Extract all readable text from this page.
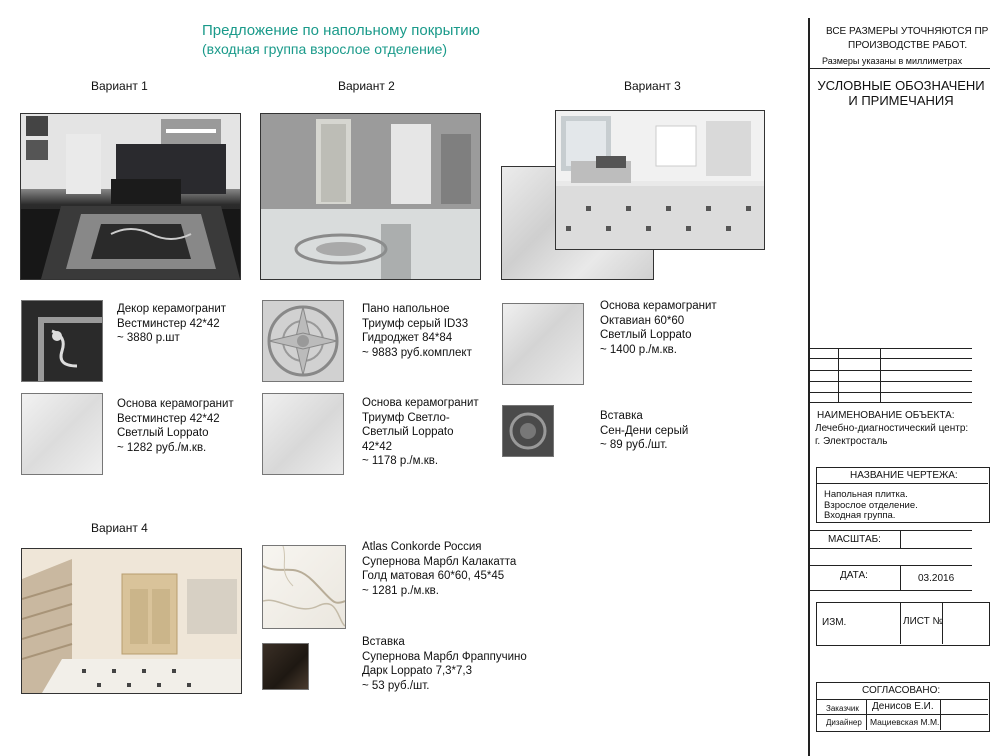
Предложение по напольному покрытию
(входная группа взрослое отделение)
Вариант 1	Вариант 2	Вариант 3
Вариант 4
Декор керамогранит
Вестминстер 42*42
~ 3880 р.шт
Основа керамогранит
Вестминстер 42*42
Светлый Loppato
~ 1282 руб./м.кв.
Пано напольное
Триумф серый ID33
Гидроджет 84*84
~ 9883 руб.комплект
Основа керамогранит
Триумф Светло-
Светлый Loppato
42*42
~ 1178 р./м.кв.
Основа керамогранит
Октавиан 60*60
Светлый Loppato
~ 1400 р./м.кв.
Вставка
Сен-Дени серый
~ 89 руб./шт.
Atlas Conkorde Россия
Супернова Марбл Калакатта
Голд матовая 60*60, 45*45
~ 1281 р./м.кв.
Вставка
Супернова Марбл Фраппучино
Дарк Loppato 7,3*7,3
~ 53 руб./шт.
ВСЕ РАЗМЕРЫ УТОЧНЯЮТСЯ ПР
ПРОИЗВОДСТВЕ РАБОТ.
Размеры указаны в миллиметрах
УСЛОВНЫЕ ОБОЗНАЧЕНИ
И ПРИМЕЧАНИЯ
НАИМЕНОВАНИЕ ОБЪЕКТА:
Лечебно-диагностический центр:
г. Электросталь
НАЗВАНИЕ ЧЕРТЕЖА:
Напольная плитка.
Взрослое отделение.
Входная группа.
МАСШТАБ:
ДАТА:	03.2016
ИЗМ.	ЛИСТ №
СОГЛАСОВАНО:
Заказчик Денисов Е.И.
Дизайнер Мациевская М.М.
